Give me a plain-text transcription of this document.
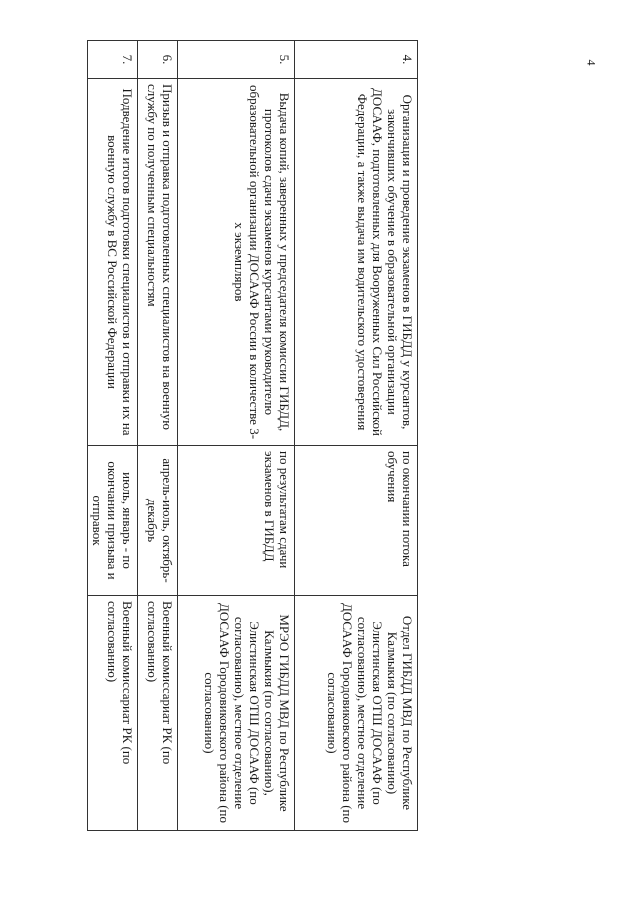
4
4.	Организация и проведение экзаменов в ГИБДД у курсантов, закончивших обучение в образовательной организации ДОСААФ, подготовленных для Вооруженных Сил Российской Федерации, а также выдача им водительского удостоверения	по окончании потока обучения	Отдел ГИБДД МВД по Республике Калмыкия (по согласованию) Элистинская ОТШ ДОСААФ (по согласованию), местное отделение ДОСААФ Городовиковского района (по согласованию)
5.	Выдача копий, заверенных у председателя комиссии ГИБДД, протоколов сдачи экзаменов курсантами руководителю образовательной организации ДОСААФ России в количестве 3-х экземпляров	по результатам сдачи экзаменов в ГИБДД	МРЭО ГИБДД МВД по Республике Калмыкия (по согласованию), Элистинская ОТШ ДОСААФ (по согласованию), местное отделение ДОСААФ Городовиковского района (по согласованию)
6.	Призыв и отправка подготовленных специалистов на военную службу по полученным специальностям	апрель-июль, октябрь-декабрь	Военный комиссариат РК (по согласованию)
7.	Подведение итогов подготовки специалистов и отправки их на военную службу в ВС Российской Федерации	июль, январь - по окончании призыва и отправок	Военный комиссариат РК (по согласованию)
